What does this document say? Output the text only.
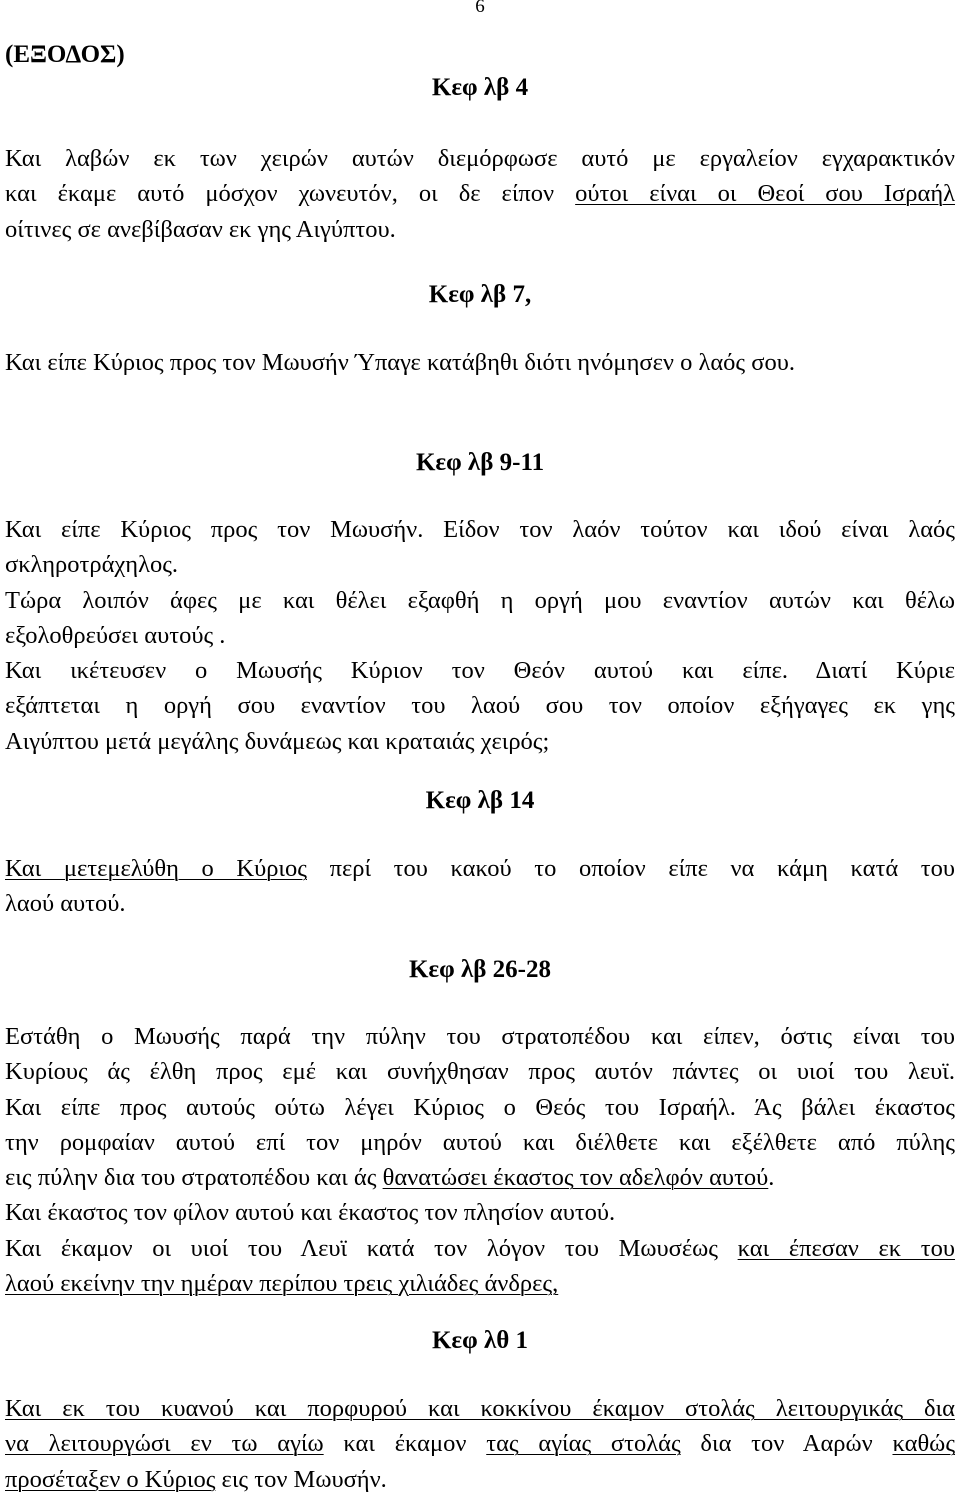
6
(ΕΞΟΔΟΣ)
Κεφ λβ 4
Και λαβών εκ των χειρών αυτών διεμόρφωσε αυτό με εργαλείον εγχαρακτικόν
και έκαμε αυτό μόσχον χωνευτόν, οι δε είπον ούτοι είναι οι Θεοί σου Ισραήλ
οίτινες σε ανεβίβασαν εκ γης Αιγύπτου.
Κεφ λβ 7,
Και είπε Κύριος προς τον Μωυσήν Ύπαγε κατάβηθι διότι ηνόμησεν ο λαός σου.
Κεφ λβ 9-11
Και είπε Κύριος προς τον Μωυσήν. Είδον τον λαόν τούτον και ιδού είναι λαός
σκληροτράχηλος.
Τώρα λοιπόν άφες με και θέλει εξαφθή η οργή μου εναντίον αυτών και θέλω
εξολοθρεύσει αυτούς .
Και ικέτευσεν ο Μωυσής Κύριον τον Θεόν αυτού και είπε. Διατί Κύριε
εξάπτεται η οργή σου εναντίον του λαού σου τον οποίον εξήγαγες εκ γης
Αιγύπτου μετά μεγάλης δυνάμεως και κραταιάς χειρός;
Κεφ λβ 14
Και μετεμελύθη ο Κύριος περί του κακού το οποίον είπε να κάμη κατά του
λαού αυτού.
Κεφ λβ 26-28
Εστάθη ο Μωυσής παρά την πύλην του στρατοπέδου και είπεν, όστις είναι του
Κυρίους άς έλθη προς εμέ και συνήχθησαν προς αυτόν πάντες οι υιοί του λευϊ.
Και είπε προς αυτούς ούτω λέγει Κύριος ο Θεός του Ισραήλ. Άς βάλει έκαστος
την ρομφαίαν αυτού επί τον μηρόν αυτού και διέλθετε και εξέλθετε από πύλης
εις πύλην δια του στρατοπέδου και άς θανατώσει έκαστος τον αδελφόν αυτού.
Και έκαστος τον φίλον αυτού και έκαστος τον πλησίον αυτού.
Και έκαμον οι υιοί του Λευϊ κατά τον λόγον του Μωυσέως και έπεσαν εκ του
λαού εκείνην την ημέραν περίπου τρεις χιλιάδες άνδρες,
Κεφ λθ 1
Και εκ του κυανού και πορφυρού και κοκκίνου έκαμον στολάς λειτουργικάς δια
να λειτουργώσι εν τω αγίω και έκαμον τας αγίας στολάς δια τον Ααρών καθώς
προσέταξεν ο Κύριος εις τον Μωυσήν.
